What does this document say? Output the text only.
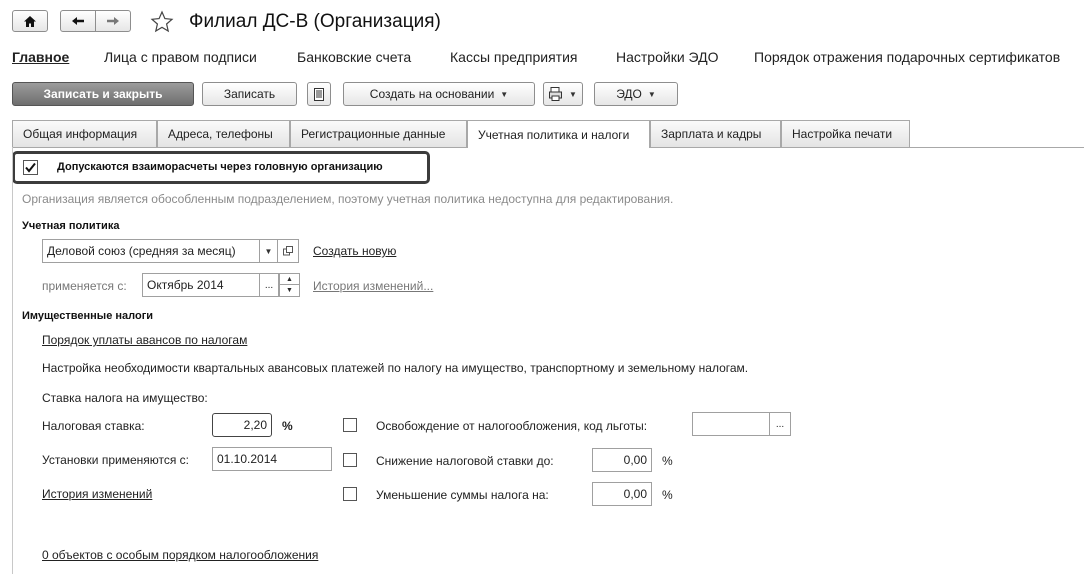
Филиал ДС-В (Организация)
Главное Лица с правом подписи	Банковские счета	Кассы предприятия	Настройки ЭДО	Порядок отражения подарочных сертификатов
Записать и закрыть	Записать	Создать на основании ▼	▼	ЭДО ▼
Общая информация	Адреса, телефоны	Регистрационные данные	Учетная политика и налоги	Зарплата и кадры	Настройка печати
Допускаются взаиморасчеты через головную организацию
Организация является обособленным подразделением, поэтому учетная политика недоступна для редактирования.
Учетная политика
Деловой союз (средняя за месяц)	▼	Создать новую
применяется с: Октябрь 2014	...	▲
▼	История изменений...
Имущественные налоги
Порядок уплаты авансов по налогам
Настройка необходимости квартальных авансовых платежей по налогу на имущество, транспортному и земельному налогам.
Ставка налога на имущество:
Налоговая ставка:	2,20 %
Установки применяются с: 01.10.2014
История изменений
Освобождение от налогообложения, код льготы:	...
Снижение налоговой ставки до:	0,00 %
Уменьшение суммы налога на:	0,00 %
0 объектов с особым порядком налогообложения
